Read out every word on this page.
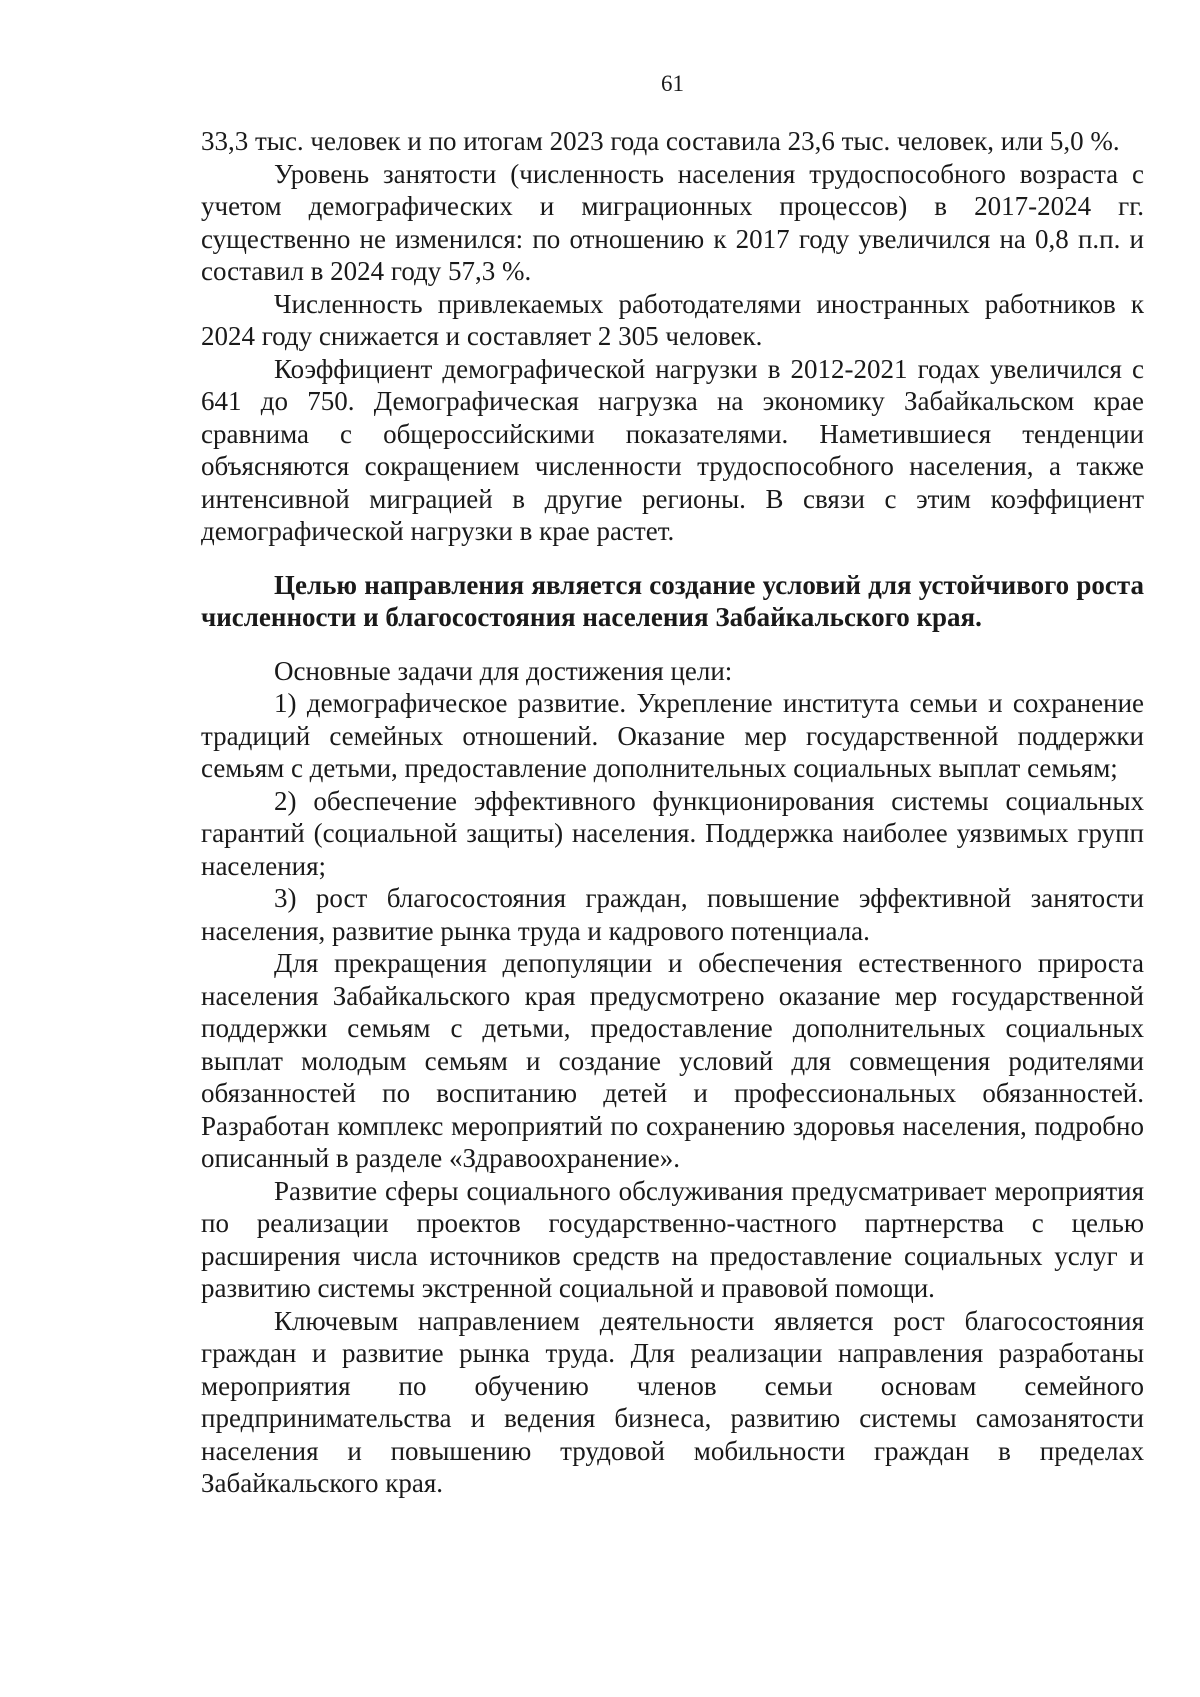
61

33,3 тыс. человек и по итогам 2023 года составила 23,6 тыс. человек, или 5,0 %.

Уровень занятости (численность населения трудоспособного возраста с учетом демографических и миграционных процессов) в 2017-2024 гг. существенно не изменился: по отношению к 2017 году увеличился на 0,8 п.п. и составил в 2024 году 57,3 %.

Численность привлекаемых работодателями иностранных работников к 2024 году снижается и составляет 2 305 человек.

Коэффициент демографической нагрузки в 2012-2021 годах увеличился с 641 до 750. Демографическая нагрузка на экономику Забайкальском крае сравнима с общероссийскими показателями. Наметившиеся тенденции объясняются сокращением численности трудоспособного населения, а также интенсивной миграцией в другие регионы. В связи с этим коэффициент демографической нагрузки в крае растет.

Целью направления является создание условий для устойчивого роста численности и благосостояния населения Забайкальского края.

Основные задачи для достижения цели:

1) демографическое развитие. Укрепление института семьи и сохранение традиций семейных отношений. Оказание мер государственной поддержки семьям с детьми, предоставление дополнительных социальных выплат семьям;

2) обеспечение эффективного функционирования системы социальных гарантий (социальной защиты) населения. Поддержка наиболее уязвимых групп населения;

3) рост благосостояния граждан, повышение эффективной занятости населения, развитие рынка труда и кадрового потенциала.

Для прекращения депопуляции и обеспечения естественного прироста населения Забайкальского края предусмотрено оказание мер государственной поддержки семьям с детьми, предоставление дополнительных социальных выплат молодым семьям и создание условий для совмещения родителями обязанностей по воспитанию детей и профессиональных обязанностей. Разработан комплекс мероприятий по сохранению здоровья населения, подробно описанный в разделе «Здравоохранение».

Развитие сферы социального обслуживания предусматривает мероприятия по реализации проектов государственно-частного партнерства с целью расширения числа источников средств на предоставление социальных услуг и развитию системы экстренной социальной и правовой помощи.

Ключевым направлением деятельности является рост благосостояния граждан и развитие рынка труда. Для реализации направления разработаны мероприятия по обучению членов семьи основам семейного предпринимательства и ведения бизнеса, развитию системы самозанятости населения и повышению трудовой мобильности граждан в пределах Забайкальского края.
